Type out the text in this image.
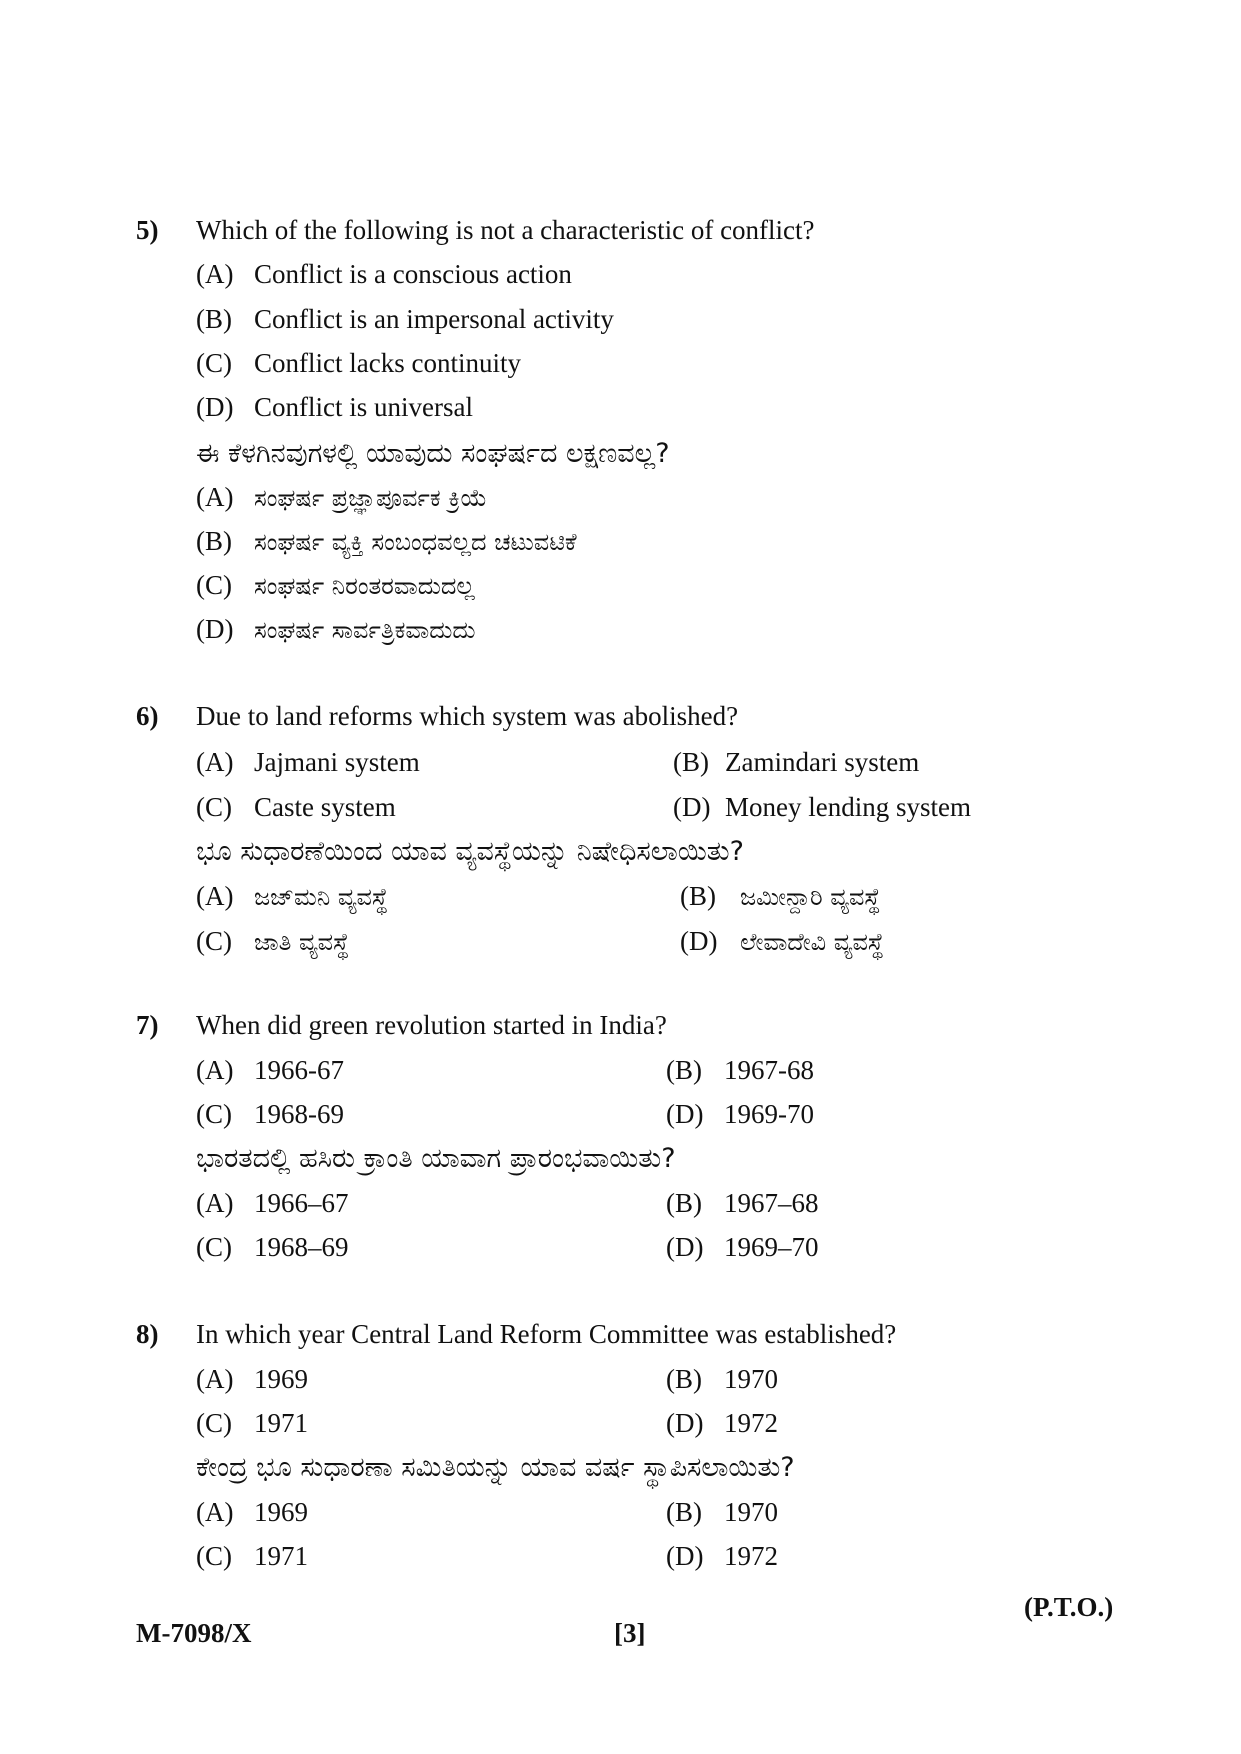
5) Which of the following is not a characteristic of conflict?
(A) Conflict is a conscious action
(B) Conflict is an impersonal activity
(C) Conflict lacks continuity
(D) Conflict is universal
ಈ ಕೆಳಗಿನವುಗಳಲ್ಲಿ ಯಾವುದು ಸಂಘರ್ಷದ ಲಕ್ಷಣವಲ್ಲ?
(A) ಸಂಘರ್ಷ ಪ್ರಜ್ಞಾಪೂರ್ವಕ ಕ್ರಿಯೆ
(B) ಸಂಘರ್ಷ ವ್ಯಕ್ತಿ ಸಂಬಂಧವಲ್ಲದ ಚಟುವಟಿಕೆ
(C) ಸಂಘರ್ಷ ನಿರಂತರವಾದುದಲ್ಲ
(D) ಸಂಘರ್ಷ ಸಾರ್ವತ್ರಿಕವಾದುದು
6) Due to land reforms which system was abolished?
(A) Jajmani system	(B) Zamindari system
(C) Caste system	(D) Money lending system
ಭೂ ಸುಧಾರಣೆಯಿಂದ ಯಾವ ವ್ಯವಸ್ಥೆಯನ್ನು ನಿಷೇಧಿಸಲಾಯಿತು?
(A) ಜಜ್‌ಮನಿ ವ್ಯವಸ್ಥೆ	(B) ಜಮೀನ್ದಾರಿ ವ್ಯವಸ್ಥೆ
(C) ಜಾತಿ ವ್ಯವಸ್ಥೆ	(D) ಲೇವಾದೇವಿ ವ್ಯವಸ್ಥೆ
7) When did green revolution started in India?
(A) 1966-67	(B) 1967-68
(C) 1968-69	(D) 1969-70
ಭಾರತದಲ್ಲಿ ಹಸಿರು ಕ್ರಾಂತಿ ಯಾವಾಗ ಪ್ರಾರಂಭವಾಯಿತು?
(A) 1966–67	(B) 1967–68
(C) 1968–69	(D) 1969–70
8) In which year Central Land Reform Committee was established?
(A) 1969	(B) 1970
(C) 1971	(D) 1972
ಕೇಂದ್ರ ಭೂ ಸುಧಾರಣಾ ಸಮಿತಿಯನ್ನು ಯಾವ ವರ್ಷ ಸ್ಥಾಪಿಸಲಾಯಿತು?
(A) 1969	(B) 1970
(C) 1971	(D) 1972
(P.T.O.)
M-7098/X	[3]
